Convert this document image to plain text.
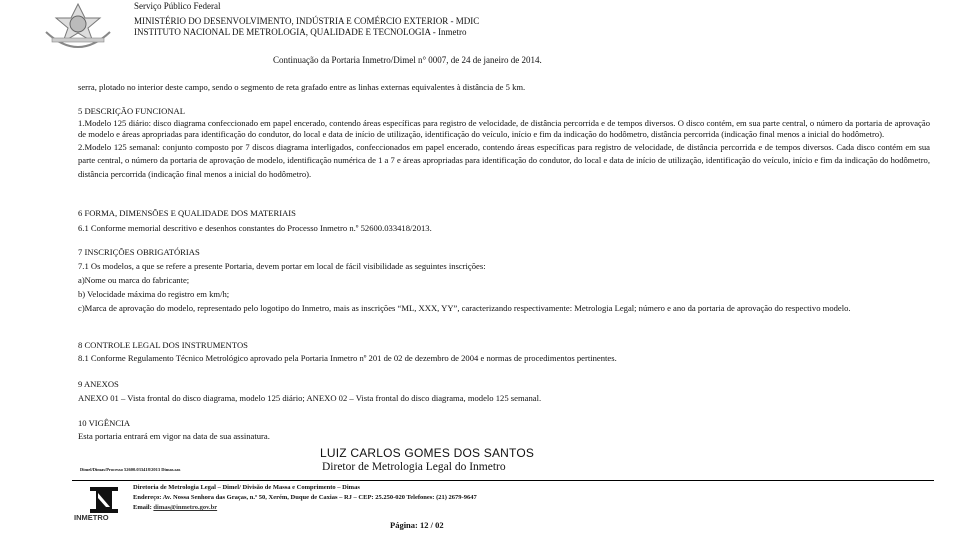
Serviço Público Federal
MINISTÉRIO DO DESENVOLVIMENTO, INDÚSTRIA E COMÉRCIO EXTERIOR - MDIC
INSTITUTO NACIONAL DE METROLOGIA, QUALIDADE E TECNOLOGIA - Inmetro
Continuação da Portaria Inmetro/Dimel n° 0007, de 24 de janeiro de 2014.
serra, plotado no interior deste campo, sendo o segmento de reta grafado entre as linhas externas equivalentes à distância de 5 km.

5 DESCRIÇÃO FUNCIONAL

1.Modelo 125 diário: disco diagrama confeccionado em papel encerado, contendo áreas específicas para registro de velocidade, de distância percorrida e de tempos diversos. O disco contém, em sua parte central, o número da portaria de aprovação de modelo e áreas apropriadas para identificação do condutor, do local e data de início de utilização, identificação do veículo, início e fim da indicação do hodômetro, distância percorrida (indicação final menos a inicial do hodômetro).

2.Modelo 125 semanal: conjunto composto por 7 discos diagrama interligados, confeccionados em papel encerado, contendo áreas específicas para registro de velocidade, de distância percorrida e de tempos diversos. Cada disco contém em sua parte central, o número da portaria de aprovação de modelo, identificação numérica de 1 a 7 e áreas apropriadas para identificação do condutor, do local e data de início de utilização, identificação do veículo, início e fim da indicação do hodômetro, distância percorrida (indicação final menos a inicial do hodômetro).

6 FORMA, DIMENSÕES E QUALIDADE DOS MATERIAIS

6.1 Conforme memorial descritivo e desenhos constantes do Processo Inmetro n.º 52600.033418/2013.

7 INSCRIÇÕES OBRIGATÓRIAS

7.1 Os modelos, a que se refere a presente Portaria, devem portar em local de fácil visibilidade as seguintes inscrições:

a)Nome ou marca do fabricante;

b) Velocidade máxima do registro em km/h;

c)Marca de aprovação do modelo, representado pelo logotipo do Inmetro, mais as inscrições “ML, XXX, YY”, caracterizando respectivamente: Metrologia Legal; número e ano da portaria de aprovação do respectivo modelo.

8 CONTROLE LEGAL DOS INSTRUMENTOS

8.1 Conforme Regulamento Técnico Metrológico aprovado pela Portaria Inmetro nº 201 de 02 de dezembro de 2004 e normas de procedimentos pertinentes.

9 ANEXOS

ANEXO 01 – Vista frontal do disco diagrama, modelo 125 diário; ANEXO 02 – Vista frontal do disco diagrama, modelo 125 semanal.

10 VIGÊNCIA

Esta portaria entrará em vigor na data de sua assinatura.

LUIZ CARLOS GOMES DOS SANTOS
Diretor de Metrologia Legal do Inmetro
Dimel/Dimas/Processo 52600.033418/2013 Dimas.sas
INMETRO
Diretoria de Metrologia Legal – Dimel/ Divisão de Massa e Comprimento – Dimas
Endereço: Av. Nossa Senhora das Graças, n.º 50, Xerém, Duque de Caxias – RJ – CEP: 25.250-020 Telefones: (21) 2679-9647
Email: dimas@inmetro.gov.br
Página: 12 / 02
